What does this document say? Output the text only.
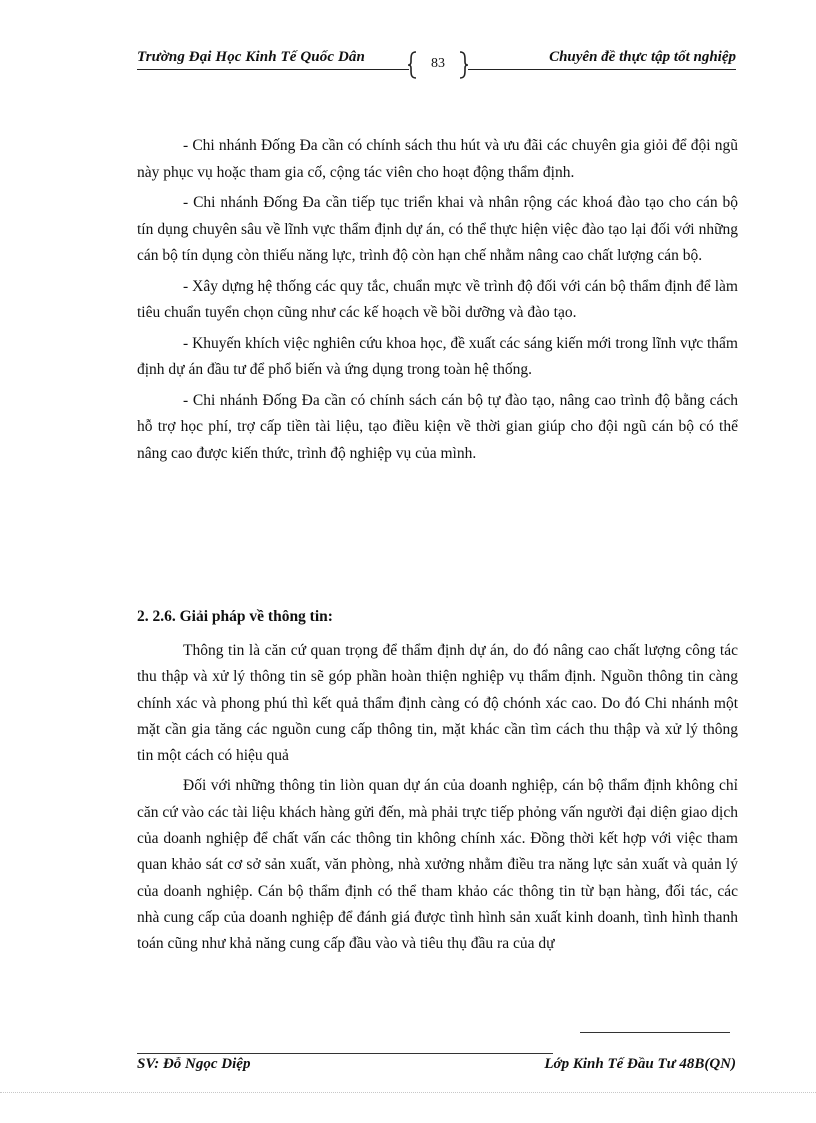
Trường Đại Học Kinh Tế Quốc Dân	83	Chuyên đề thực tập tốt nghiệp

- Chi nhánh Đống Đa cần có chính sách thu hút và ưu đãi các chuyên gia giỏi để đội ngũ này phục vụ hoặc tham gia cố, cộng tác viên cho hoạt động thẩm định.

- Chi nhánh Đống Đa cần tiếp tục triển khai và nhân rộng các khoá đào tạo cho cán bộ tín dụng chuyên sâu về lĩnh vực thẩm định dự án, có thể thực hiện việc đào tạo lại đối với những cán bộ tín dụng còn thiếu năng lực, trình độ còn hạn chế nhằm nâng cao chất lượng cán bộ.

- Xây dựng hệ thống các quy tắc, chuẩn mực về trình độ đối với cán bộ thẩm định để làm tiêu chuẩn tuyển chọn cũng như các kế hoạch về bồi dưỡng và đào tạo.

- Khuyến khích việc nghiên cứu khoa học, đề xuất các sáng kiến mới trong lĩnh vực thẩm định dự án đầu tư để phổ biến và ứng dụng trong toàn hệ thống.

- Chi nhánh Đống Đa cần có chính sách cán bộ tự đào tạo, nâng cao trình độ bằng cách hỗ trợ học phí, trợ cấp tiền tài liệu, tạo điều kiện về thời gian giúp cho đội ngũ cán bộ có thể nâng cao được kiến thức, trình độ nghiệp vụ của mình.

2. 2.6. Giải pháp về thông tin:

Thông tin là căn cứ quan trọng để thẩm định dự án, do đó nâng cao chất lượng công tác thu thập và xử lý thông tin sẽ góp phần hoàn thiện nghiệp vụ thẩm định. Nguồn thông tin càng chính xác và phong phú thì kết quả thẩm định càng có độ chónh xác cao. Do đó Chi nhánh một mặt cần gia tăng các nguồn cung cấp thông tin, mặt khác cần tìm cách thu thập và xử lý thông tin một cách có hiệu quả

Đối với những thông tin liòn quan dự án của doanh nghiệp, cán bộ thẩm định không chỉ căn cứ vào các tài liệu khách hàng gửi đến, mà phải trực tiếp phỏng vấn người đại diện giao dịch của doanh nghiệp để chất vấn các thông tin không chính xác. Đồng thời kết hợp với việc tham quan khảo sát cơ sở sản xuất, văn phòng, nhà xưởng nhằm điều tra năng lực sản xuất và quản lý của doanh nghiệp. Cán bộ thẩm định có thể tham khảo các thông tin từ bạn hàng, đối tác, các nhà cung cấp của doanh nghiệp để đánh giá được tình hình sản xuất kinh doanh, tình hình thanh toán cũng như khả năng cung cấp đầu vào và tiêu thụ đầu ra của dự

SV: Đỗ Ngọc Diệp	Lớp Kinh Tế Đầu Tư 48B(QN)
